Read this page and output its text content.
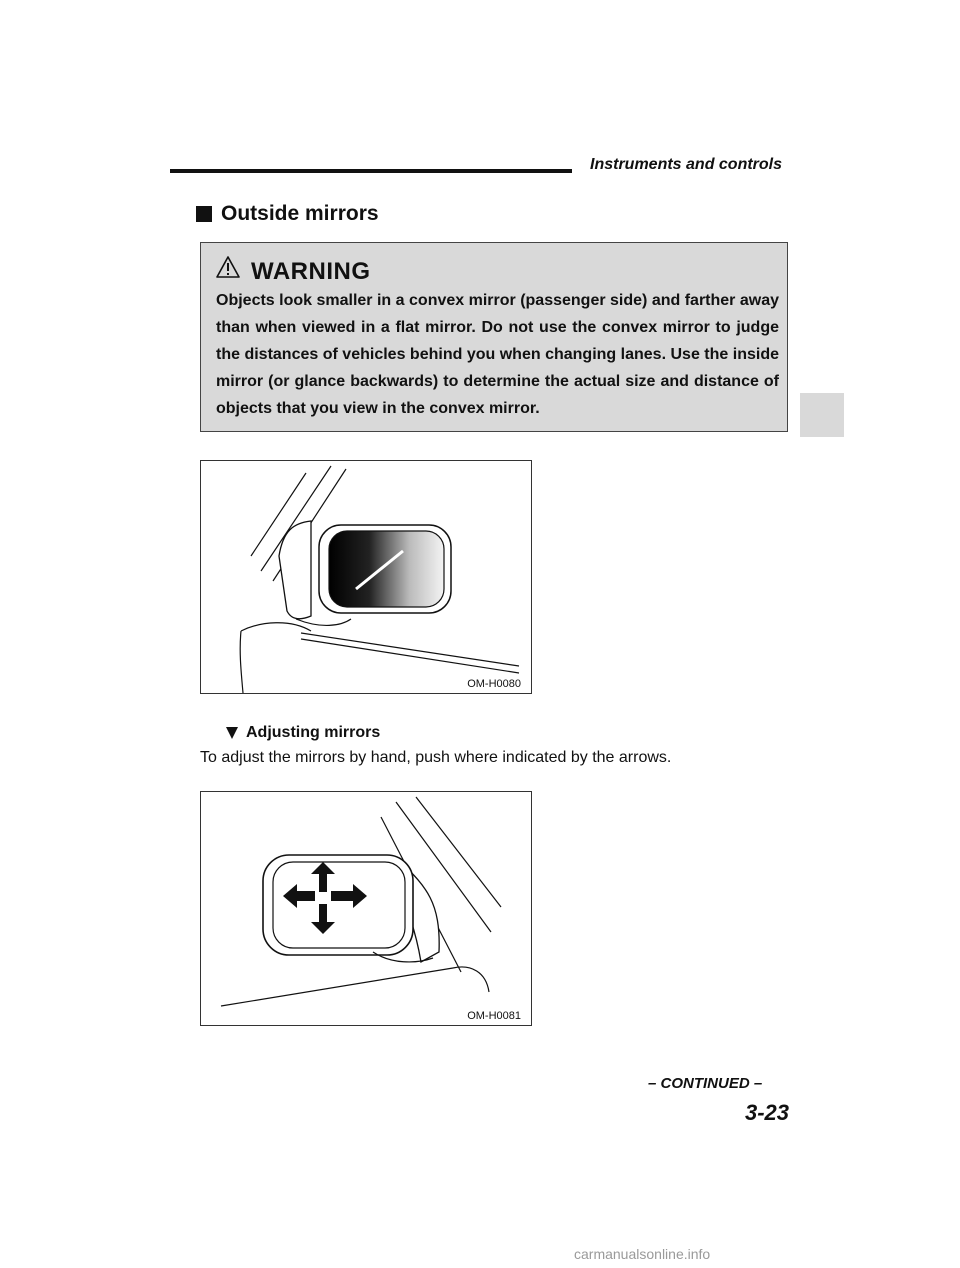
Instruments and controls
Outside mirrors
WARNING
Objects look smaller in a convex mirror (passenger side) and farther away than when viewed in a flat mirror. Do not use the convex mirror to judge the distances of vehicles behind you when changing lanes. Use the inside mirror (or glance backwards) to determine the actual size and distance of objects that you view in the convex mirror.
OM-H0080
Adjusting mirrors
To adjust the mirrors by hand, push where indicated by the arrows.
OM-H0081
– CONTINUED –
3-23
carmanualsonline.info
